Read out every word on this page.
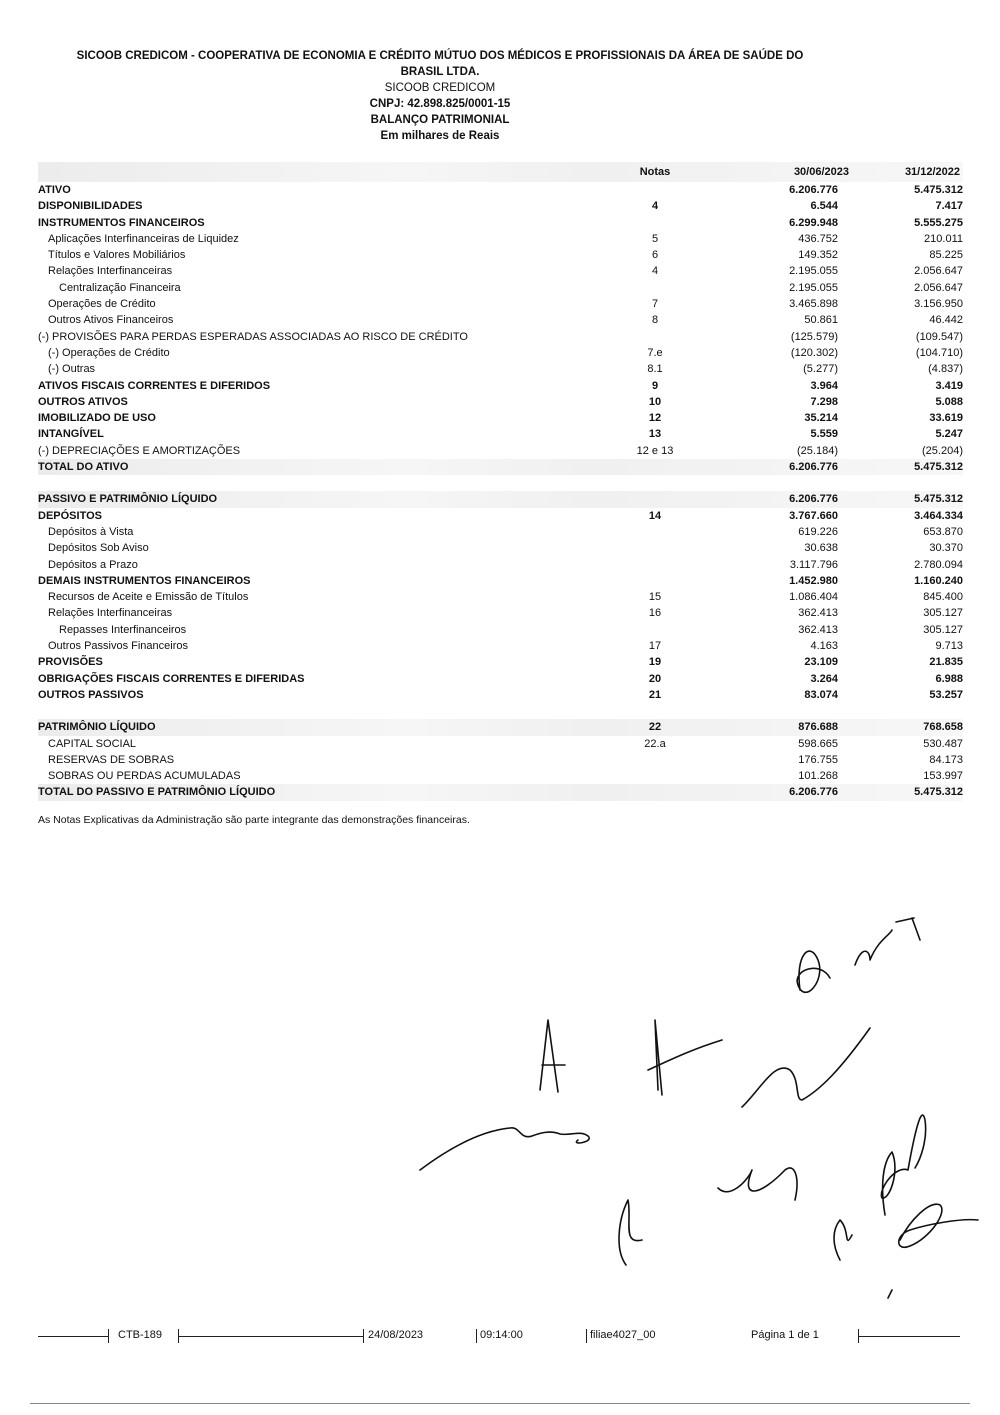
SICOOB CREDICOM - COOPERATIVA DE ECONOMIA E CRÉDITO MÚTUO DOS MÉDICOS E PROFISSIONAIS DA ÁREA DE SAÚDE DO
BRASIL LTDA.
SICOOB CREDICOM
CNPJ: 42.898.825/0001-15
BALANÇO PATRIMONIAL
Em milhares de Reais
Notas	30/06/2023	31/12/2022
ATIVO	6.206.776	5.475.312
DISPONIBILIDADES	4	6.544	7.417
INSTRUMENTOS FINANCEIROS	6.299.948	5.555.275
Aplicações Interfinanceiras de Liquidez	5	436.752	210.011
Títulos e Valores Mobiliários	6	149.352	85.225
Relações Interfinanceiras	4	2.195.055	2.056.647
Centralização Financeira	2.195.055	2.056.647
Operações de Crédito	7	3.465.898	3.156.950
Outros Ativos Financeiros	8	50.861	46.442
(-) PROVISÕES PARA PERDAS ESPERADAS ASSOCIADAS AO RISCO DE CRÉDITO	(125.579)	(109.547)
(-) Operações de Crédito	7.e	(120.302)	(104.710)
(-) Outras	8.1	(5.277)	(4.837)
ATIVOS FISCAIS CORRENTES E DIFERIDOS	9	3.964	3.419
OUTROS ATIVOS	10	7.298	5.088
IMOBILIZADO DE USO	12	35.214	33.619
INTANGÍVEL	13	5.559	5.247
(-) DEPRECIAÇÕES E AMORTIZAÇÕES	12 e 13	(25.184)	(25.204)
TOTAL DO ATIVO	6.206.776	5.475.312
PASSIVO E PATRIMÔNIO LÍQUIDO	6.206.776	5.475.312
DEPÓSITOS	14	3.767.660	3.464.334
Depósitos à Vista	619.226	653.870
Depósitos Sob Aviso	30.638	30.370
Depósitos a Prazo	3.117.796	2.780.094
DEMAIS INSTRUMENTOS FINANCEIROS	1.452.980	1.160.240
Recursos de Aceite e Emissão de Títulos	15	1.086.404	845.400
Relações Interfinanceiras	16	362.413	305.127
Repasses Interfinanceiros	362.413	305.127
Outros Passivos Financeiros	17	4.163	9.713
PROVISÕES	19	23.109	21.835
OBRIGAÇÕES FISCAIS CORRENTES E DIFERIDAS	20	3.264	6.988
OUTROS PASSIVOS	21	83.074	53.257
PATRIMÔNIO LÍQUIDO	22	876.688	768.658
CAPITAL SOCIAL	22.a	598.665	530.487
RESERVAS DE SOBRAS	176.755	84.173
SOBRAS OU PERDAS ACUMULADAS	101.268	153.997
TOTAL DO PASSIVO E PATRIMÔNIO LÍQUIDO	6.206.776	5.475.312
As Notas Explicativas da Administração são parte integrante das demonstrações financeiras.
CTB-189	24/08/2023	09:14:00	filiae4027_00	Página 1 de 1
